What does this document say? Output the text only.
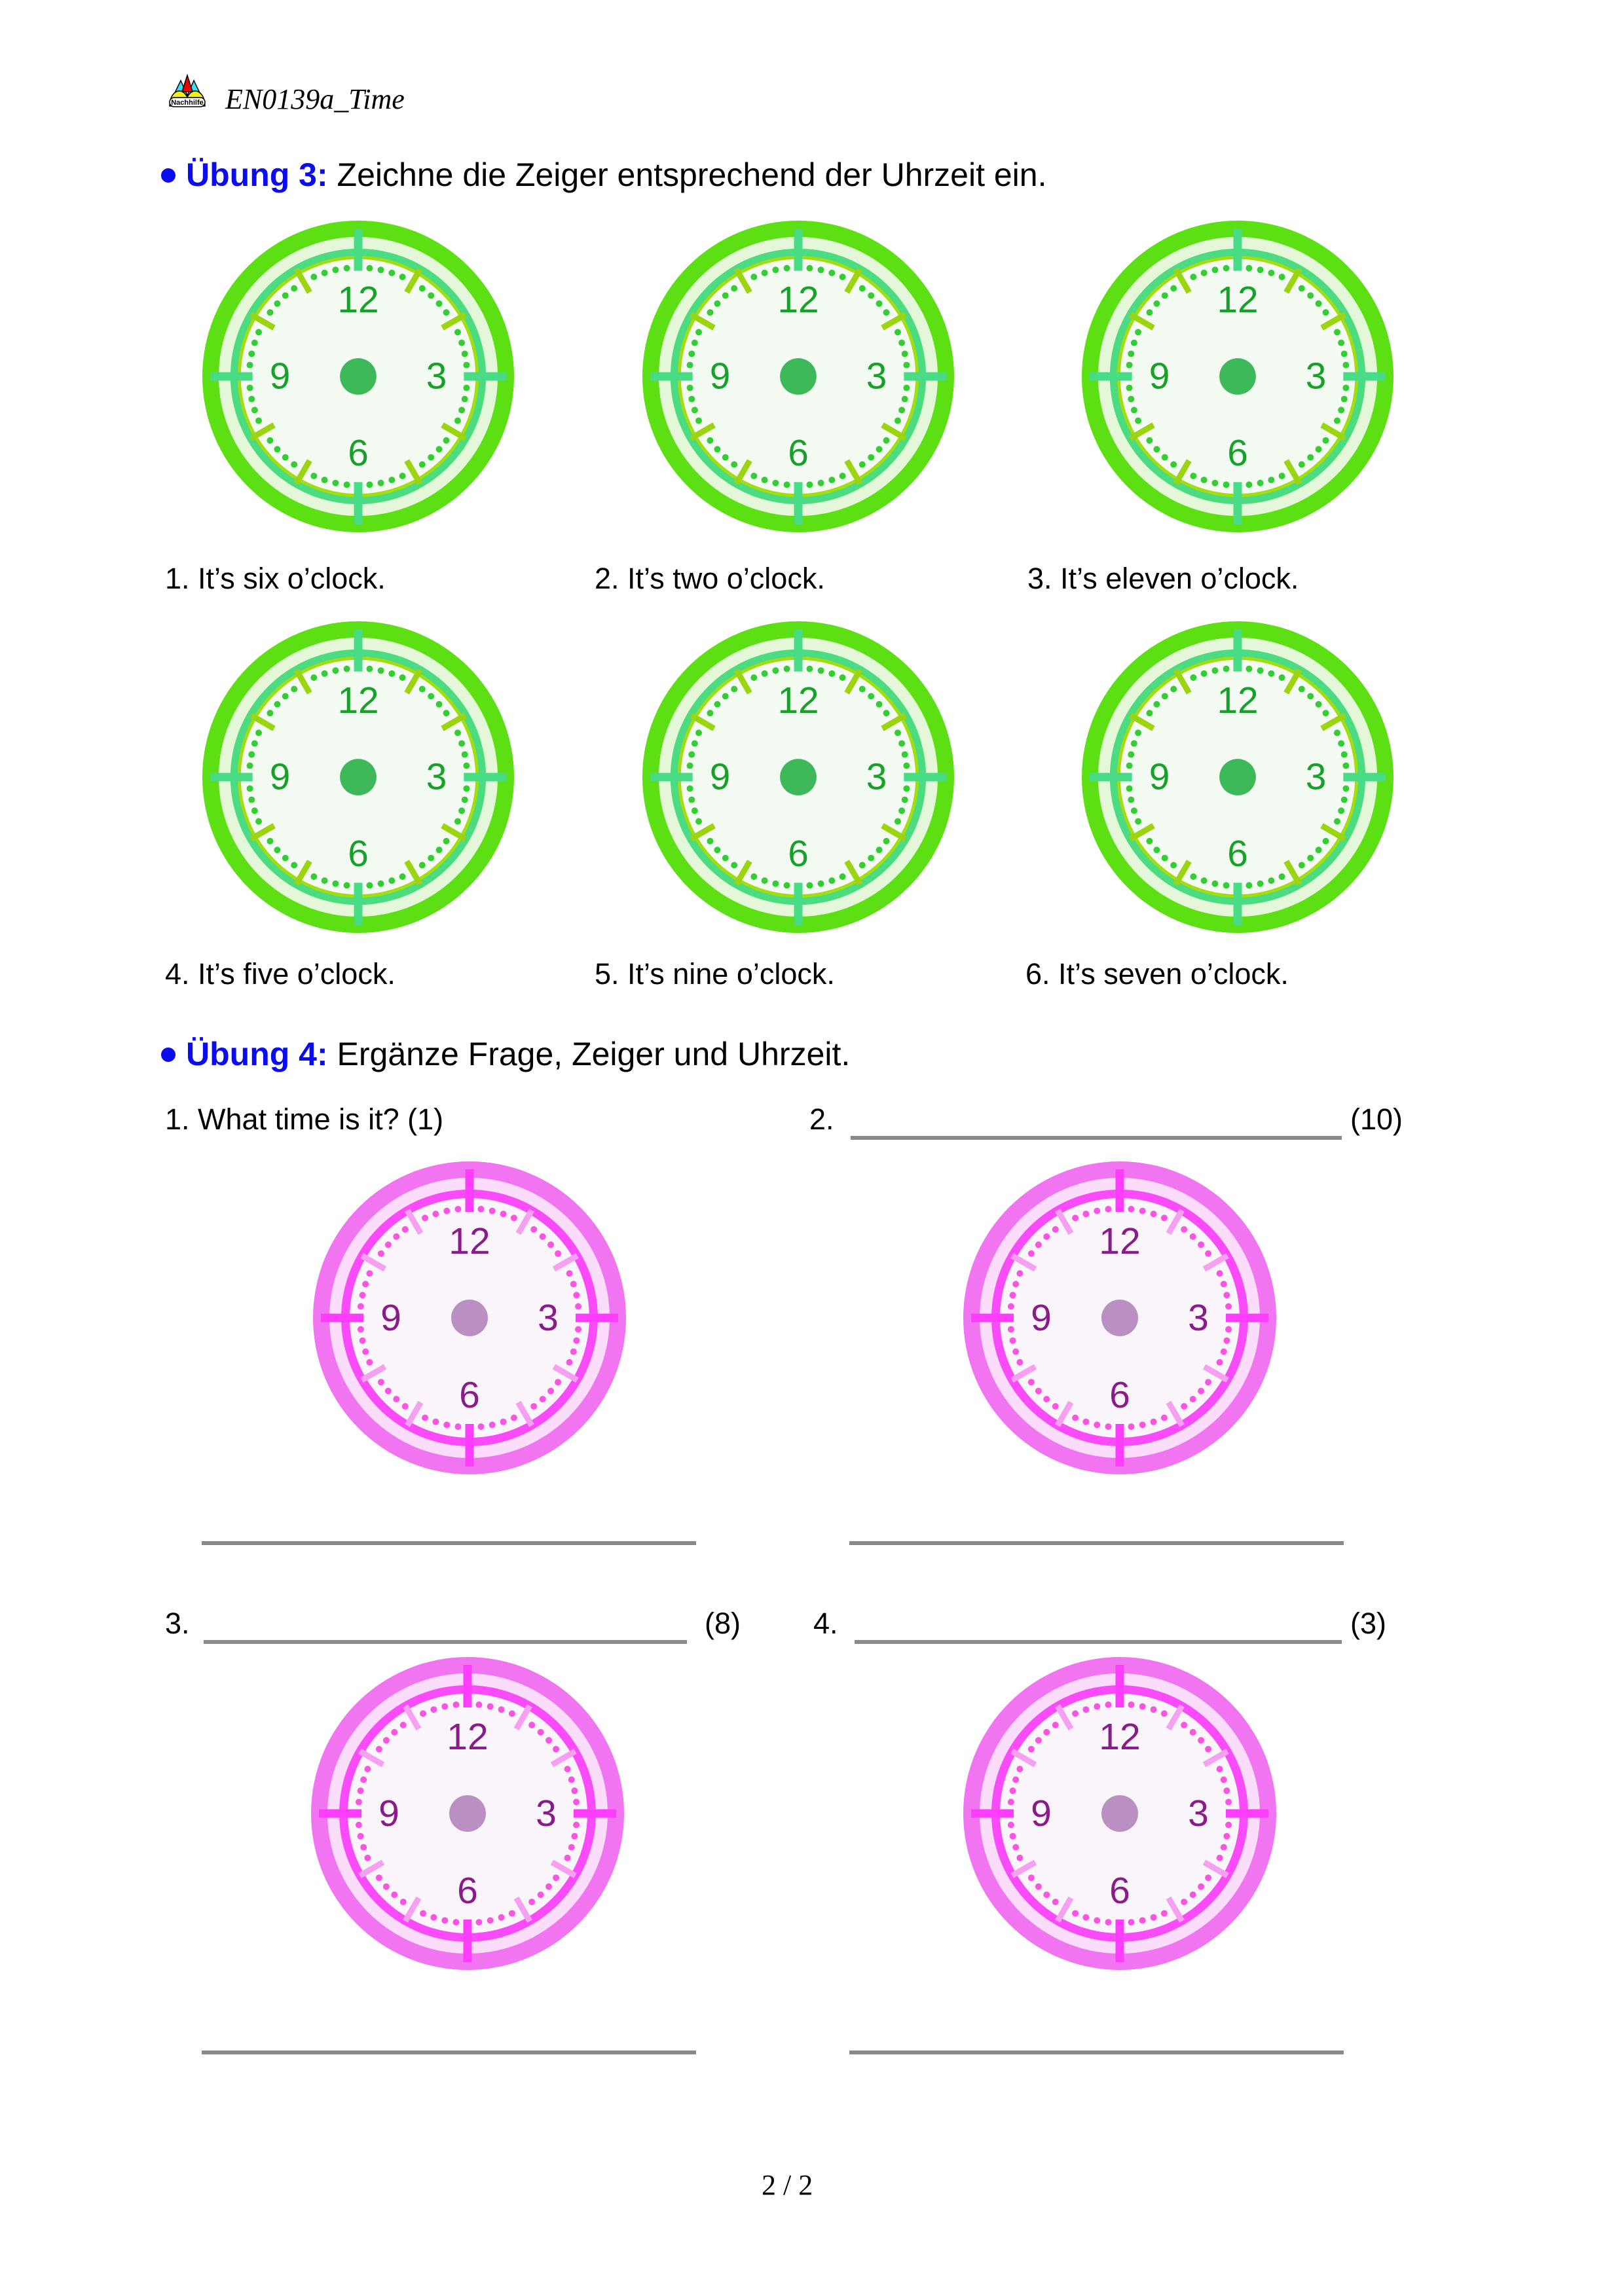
Nachhilfe EN0139a_Time
Übung 3: Zeichne die Zeiger entsprechend der Uhrzeit ein.
12
3
6
9
12
3
6
9
12
3
6
9
1. It’s six o’clock.	2. It’s two o’clock.	3. It’s eleven o’clock.
12
3
6
9
12
3
6
9
12
3
6
9
4. It’s five o’clock.	5. It’s nine o’clock.	6. It’s seven o’clock.
Übung 4: Ergänze Frage, Zeiger und Uhrzeit.
1. What time is it? (1)	2.	(10)
12
3
6
9
12
3
6
9
3.	(8) 4.	(3)
12
3
6
9
12
3
6
9
2 / 2
